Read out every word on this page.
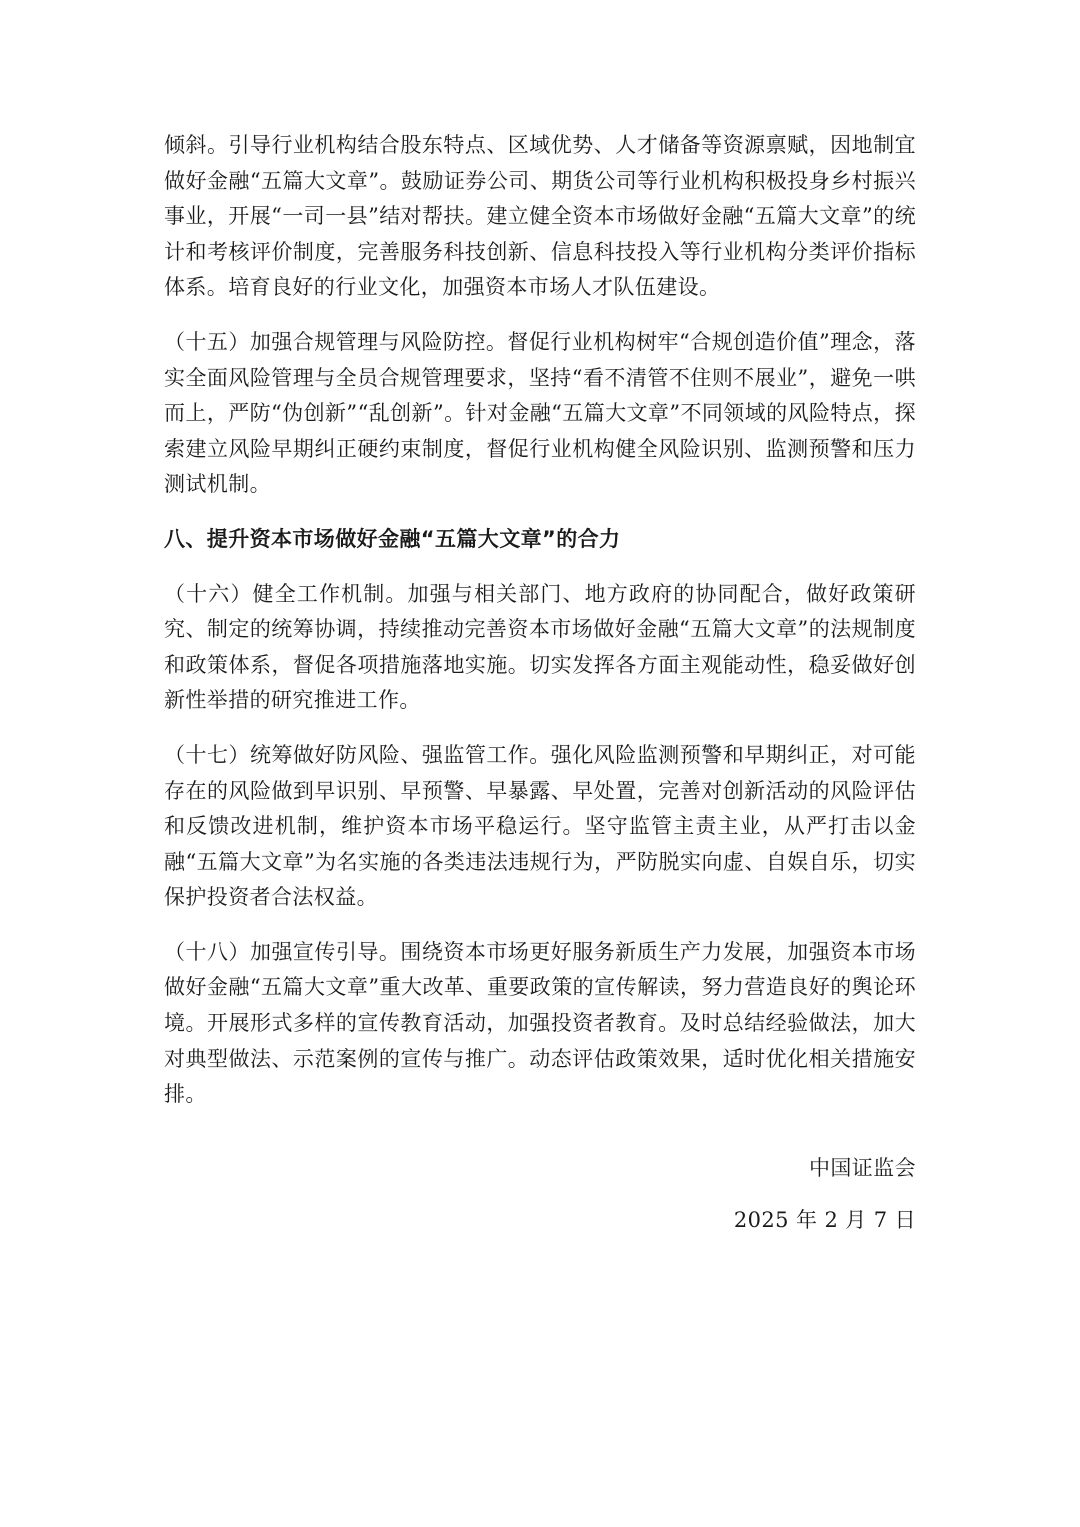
倾斜。引导行业机构结合股东特点、区域优势、人才储备等资源禀赋，因地制宜做好金融“五篇大文章”。鼓励证券公司、期货公司等行业机构积极投身乡村振兴事业，开展“一司一县”结对帮扶。建立健全资本市场做好金融“五篇大文章”的统计和考核评价制度，完善服务科技创新、信息科技投入等行业机构分类评价指标体系。培育良好的行业文化，加强资本市场人才队伍建设。

（十五）加强合规管理与风险防控。督促行业机构树牢“合规创造价值”理念，落实全面风险管理与全员合规管理要求，坚持“看不清管不住则不展业”，避免一哄而上，严防“伪创新”“乱创新”。针对金融“五篇大文章”不同领域的风险特点，探索建立风险早期纠正硬约束制度，督促行业机构健全风险识别、监测预警和压力测试机制。

八、提升资本市场做好金融“五篇大文章”的合力

（十六）健全工作机制。加强与相关部门、地方政府的协同配合，做好政策研究、制定的统筹协调，持续推动完善资本市场做好金融“五篇大文章”的法规制度和政策体系，督促各项措施落地实施。切实发挥各方面主观能动性，稳妥做好创新性举措的研究推进工作。

（十七）统筹做好防风险、强监管工作。强化风险监测预警和早期纠正，对可能存在的风险做到早识别、早预警、早暴露、早处置，完善对创新活动的风险评估和反馈改进机制，维护资本市场平稳运行。坚守监管主责主业，从严打击以金融“五篇大文章”为名实施的各类违法违规行为，严防脱实向虚、自娱自乐，切实保护投资者合法权益。

（十八）加强宣传引导。围绕资本市场更好服务新质生产力发展，加强资本市场做好金融“五篇大文章”重大改革、重要政策的宣传解读，努力营造良好的舆论环境。开展形式多样的宣传教育活动，加强投资者教育。及时总结经验做法，加大对典型做法、示范案例的宣传与推广。动态评估政策效果，适时优化相关措施安排。

中国证监会
2025 年 2 月 7 日
